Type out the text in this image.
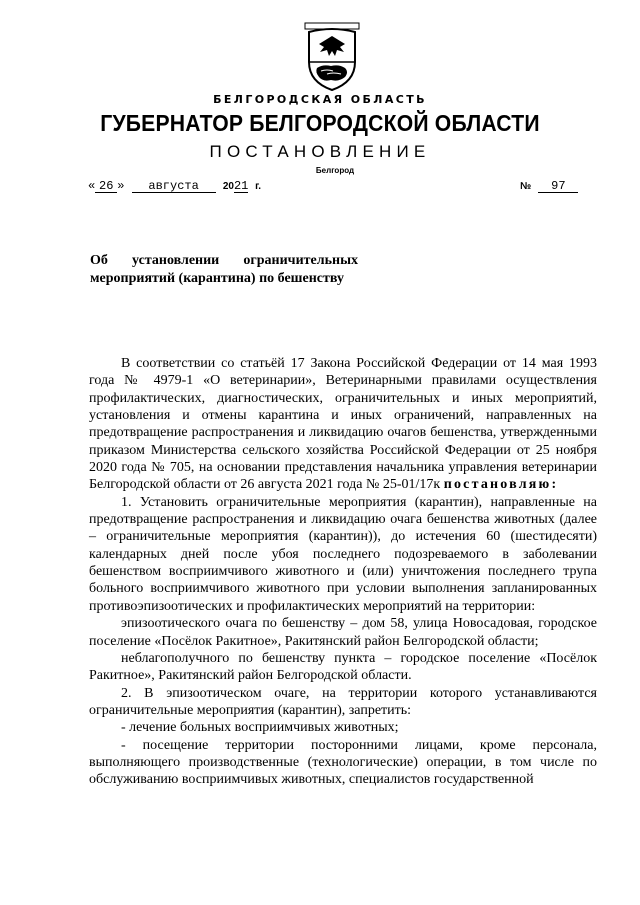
БЕЛГОРОДСКАЯ ОБЛАСТЬ
ГУБЕРНАТОР БЕЛГОРОДСКОЙ ОБЛАСТИ
ПОСТАНОВЛЕНИЕ
Белгород
« 26 » августа 2021 г.	№ 97
Об установлении ограничительных
мероприятий (карантина) по бешенству

В соответствии со статьёй 17 Закона Российской Федерации от 14 мая 1993 года № 4979-1 «О ветеринарии», Ветеринарными правилами осуществления профилактических, диагностических, ограничительных и иных мероприятий, установления и отмены карантина и иных ограничений, направленных на предотвращение распространения и ликвидацию очагов бешенства, утвержденными приказом Министерства сельского хозяйства Российской Федерации от 25 ноября 2020 года № 705, на основании представления начальника управления ветеринарии Белгородской области от 26 августа 2021 года № 25-01/17к постановляю:

1. Установить ограничительные мероприятия (карантин), направленные на предотвращение распространения и ликвидацию очага бешенства животных (далее – ограничительные мероприятия (карантин)), до истечения 60 (шестидесяти) календарных дней после убоя последнего подозреваемого в заболевании бешенством восприимчивого животного и (или) уничтожения последнего трупа больного восприимчивого животного при условии выполнения запланированных противоэпизоотических и профилактических мероприятий на территории:

эпизоотического очага по бешенству – дом 58, улица Новосадовая, городское поселение «Посёлок Ракитное», Ракитянский район Белгородской области;

неблагополучного по бешенству пункта – городское поселение «Посёлок Ракитное», Ракитянский район Белгородской области.

2. В эпизоотическом очаге, на территории которого устанавливаются ограничительные мероприятия (карантин), запретить:

- лечение больных восприимчивых животных;

- посещение территории посторонними лицами, кроме персонала, выполняющего производственные (технологические) операции, в том числе по обслуживанию восприимчивых животных, специалистов государственной
